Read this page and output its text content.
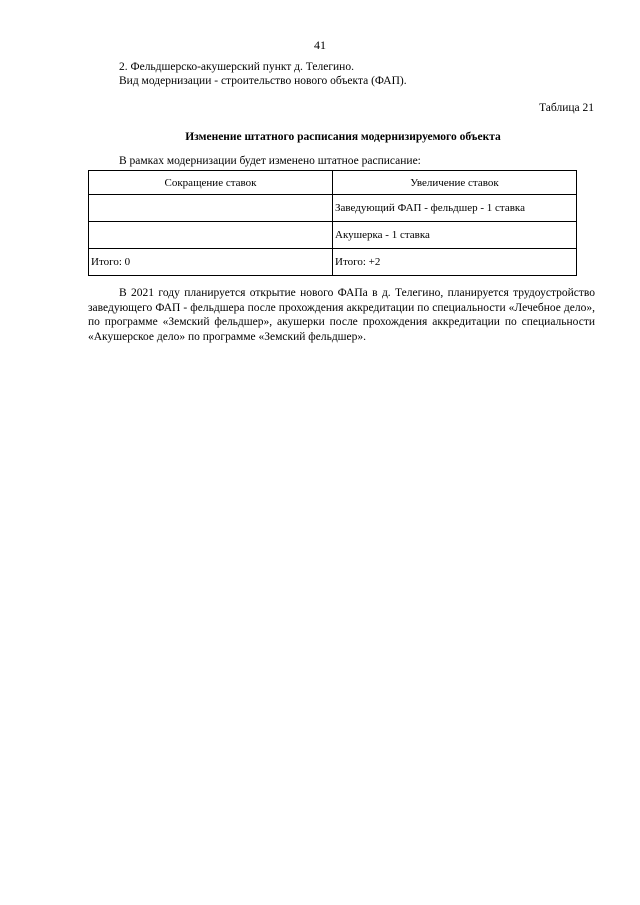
41
2. Фельдшерско-акушерский пункт д. Телегино.
Вид модернизации - строительство нового объекта (ФАП).
Таблица 21
Изменение штатного расписания модернизируемого объекта
В рамках модернизации будет изменено штатное расписание:
Сокращение ставок	Увеличение ставок
	Заведующий ФАП - фельдшер - 1 ставка
	Акушерка - 1 ставка
Итого: 0	Итого: +2
В 2021 году планируется открытие нового ФАПа в д. Телегино, планируется трудоустройство заведующего ФАП - фельдшера после прохождения аккредитации по специальности «Лечебное дело», по программе «Земский фельдшер», акушерки после прохождения аккредитации по специальности «Акушерское дело» по программе «Земский фельдшер».
